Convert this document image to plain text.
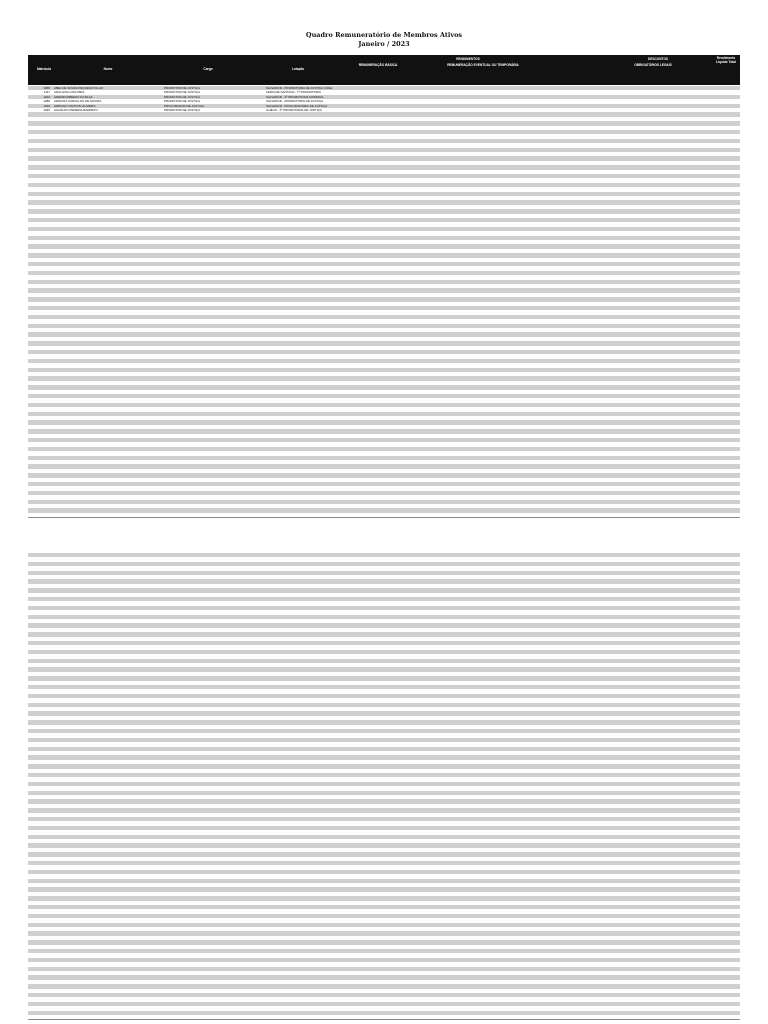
Quadro Remuneratório de Membros Ativos
Janeiro / 2023
Matrícula	Nome	Cargo	Lotação
RENDIMENTOS	DESCONTOS
REMUNERAÇÃO BÁSICA	REMUNERAÇÃO EVENTUAL OU TEMPORÁRIA	OBRIGATÓRIOS LEGAIS
Rendimento Líquido Total
1065 ABEL DE SOUZA PEQUENO FILHO	PROMOTOR DE JUSTIÇA	SALVADOR - PROMOTORIA DE JUSTIÇA CÍVEL
1117 ADALGISA LIMA REIS	PROMOTOR DE JUSTIÇA	FEIRA DE SANTANA - 1ª PROMOTORIA
1204 ADEMIR RIBEIRO DA SILVA	PROMOTOR DE JUSTIÇA	SALVADOR - 3ª PROMOTORIA CRIMINAL
1288 ADRIANA CARVALHO DE MOURA	PROMOTOR DE JUSTIÇA	SALVADOR - PROMOTORIA DE JUSTIÇA
1302 ADRIANO SANTOS OLIVEIRA	PROCURADOR DE JUSTIÇA	SALVADOR - PROCURADORIA DE JUSTIÇA
1345 AGNALDO PEREIRA BARRETO	PROMOTOR DE JUSTIÇA	ILHÉUS - 2ª PROMOTORIA DE JUSTIÇA
